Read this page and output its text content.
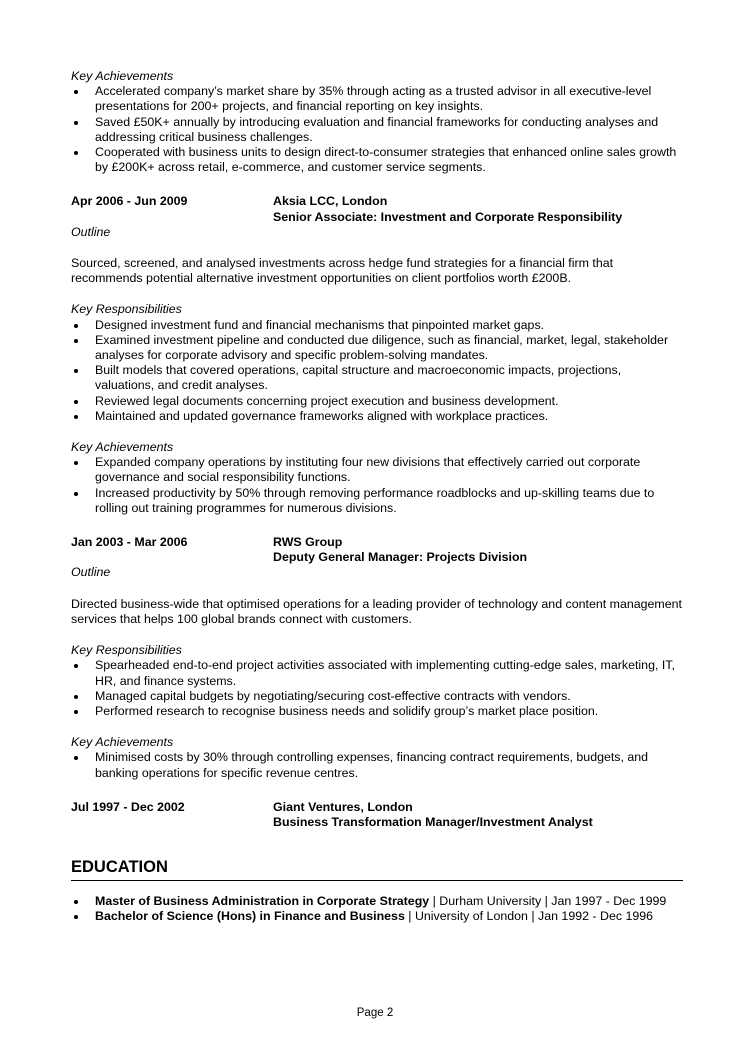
Key Achievements

Accelerated company’s market share by 35% through acting as a trusted advisor in all executive-level presentations for 200+ projects, and financial reporting on key insights.
Saved £50K+ annually by introducing evaluation and financial frameworks for conducting analyses and addressing critical business challenges.
Cooperated with business units to design direct-to-consumer strategies that enhanced online sales growth by £200K+ across retail, e-commerce, and customer service segments.
Apr 2006 - Jun 2009	Aksia LCC, London
Senior Associate: Investment and Corporate Responsibility

Outline

Sourced, screened, and analysed investments across hedge fund strategies for a financial firm that recommends potential alternative investment opportunities on client portfolios worth £200B.

Key Responsibilities

Designed investment fund and financial mechanisms that pinpointed market gaps.
Examined investment pipeline and conducted due diligence, such as financial, market, legal, stakeholder analyses for corporate advisory and specific problem-solving mandates.
Built models that covered operations, capital structure and macroeconomic impacts, projections, valuations, and credit analyses.
Reviewed legal documents concerning project execution and business development.
Maintained and updated governance frameworks aligned with workplace practices.

Key Achievements

Expanded company operations by instituting four new divisions that effectively carried out corporate governance and social responsibility functions.
Increased productivity by 50% through removing performance roadblocks and up-skilling teams due to rolling out training programmes for numerous divisions.
Jan 2003 - Mar 2006	RWS Group
Deputy General Manager: Projects Division

Outline

Directed business-wide that optimised operations for a leading provider of technology and content management services that helps 100 global brands connect with customers.

Key Responsibilities

Spearheaded end-to-end project activities associated with implementing cutting-edge sales, marketing, IT, HR, and finance systems.
Managed capital budgets by negotiating/securing cost-effective contracts with vendors.
Performed research to recognise business needs and solidify group’s market place position.

Key Achievements

Minimised costs by 30% through controlling expenses, financing contract requirements, budgets, and banking operations for specific revenue centres.
Jul 1997 - Dec 2002	Giant Ventures, London
Business Transformation Manager/Investment Analyst
EDUCATION
Master of Business Administration in Corporate Strategy | Durham University | Jan 1997 - Dec 1999
Bachelor of Science (Hons) in Finance and Business | University of London | Jan 1992 - Dec 1996
Page 2
